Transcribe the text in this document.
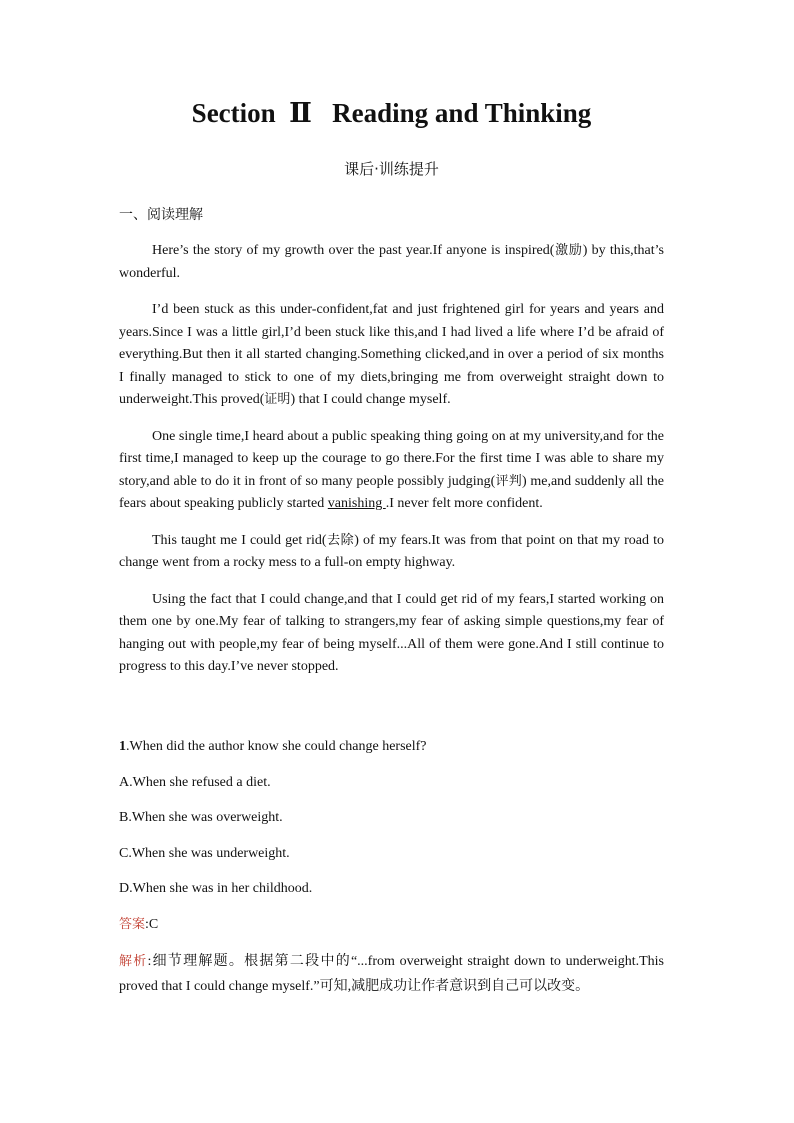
Section  Ⅱ   Reading and Thinking
课后·训练提升
一、阅读理解

Here’s the story of my growth over the past year.If anyone is inspired(激励) by this,that’s wonderful.

I’d been stuck as this under-confident,fat and just frightened girl for years and years and years.Since I was a little girl,I’d been stuck like this,and I had lived a life where I’d be afraid of everything.But then it all started changing.Something clicked,and in over a period of six months I finally managed to stick to one of my diets,bringing me from overweight straight down to underweight.This proved(证明) that I could change myself.

One single time,I heard about a public speaking thing going on at my university,and for the first time,I managed to keep up the courage to go there.For the first time I was able to share my story,and able to do it in front of so many people possibly judging(评判) me,and suddenly all the fears about speaking publicly started vanishing .I never felt more confident.

This taught me I could get rid(去除) of my fears.It was from that point on that my road to change went from a rocky mess to a full-on empty highway.

Using the fact that I could change,and that I could get rid of my fears,I started working on them one by one.My fear of talking to strangers,my fear of asking simple questions,my fear of hanging out with people,my fear of being myself...All of them were gone.And I still continue to progress to this day.I’ve never stopped.

1.When did the author know she could change herself?

A.When she refused a diet.

B.When she was overweight.

C.When she was underweight.

D.When she was in her childhood.

答案:C

解析:细节理解题。根据第二段中的“...from overweight straight down to underweight.This proved that I could change myself.”可知,减肥成功让作者意识到自己可以改变。
